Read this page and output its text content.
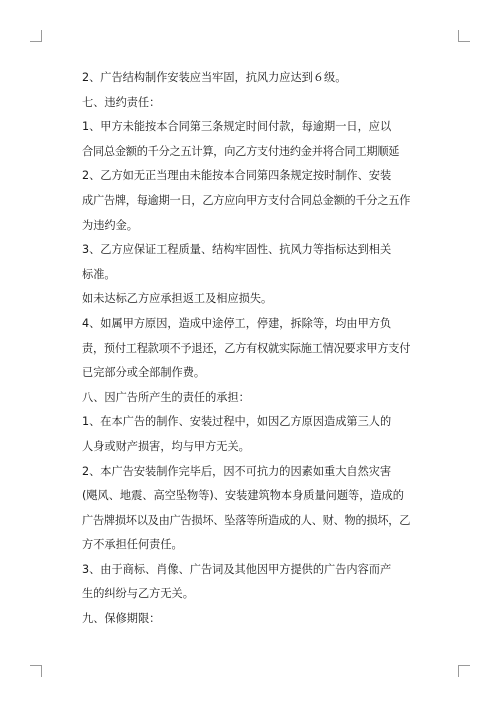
2、广告结构制作安装应当牢固，抗风力应达到６级。
七、违约责任：
1、甲方未能按本合同第三条规定时间付款，每逾期一日，应以
合同总金额的千分之五计算，向乙方支付违约金并将合同工期顺延
2、乙方如无正当理由未能按本合同第四条规定按时制作、安装
成广告牌，每逾期一日，乙方应向甲方支付合同总金额的千分之五作
为违约金。
3、乙方应保证工程质量、结构牢固性、抗风力等指标达到相关
标准。
如未达标乙方应承担返工及相应损失。
4、如属甲方原因，造成中途停工，停建，拆除等，均由甲方负
责，预付工程款项不予退还，乙方有权就实际施工情况要求甲方支付
已完部分或全部制作费。
八、因广告所产生的责任的承担：
1、在本广告的制作、安装过程中，如因乙方原因造成第三人的
人身或财产损害，均与甲方无关。
2、本广告安装制作完毕后，因不可抗力的因素如重大自然灾害
(飓风、地震、高空坠物等)、安装建筑物本身质量问题等，造成的
广告牌损坏以及由广告损坏、坠落等所造成的人、财、物的损坏，乙
方不承担任何责任。
3、由于商标、肖像、广告词及其他因甲方提供的广告内容而产
生的纠纷与乙方无关。
九、保修期限：
